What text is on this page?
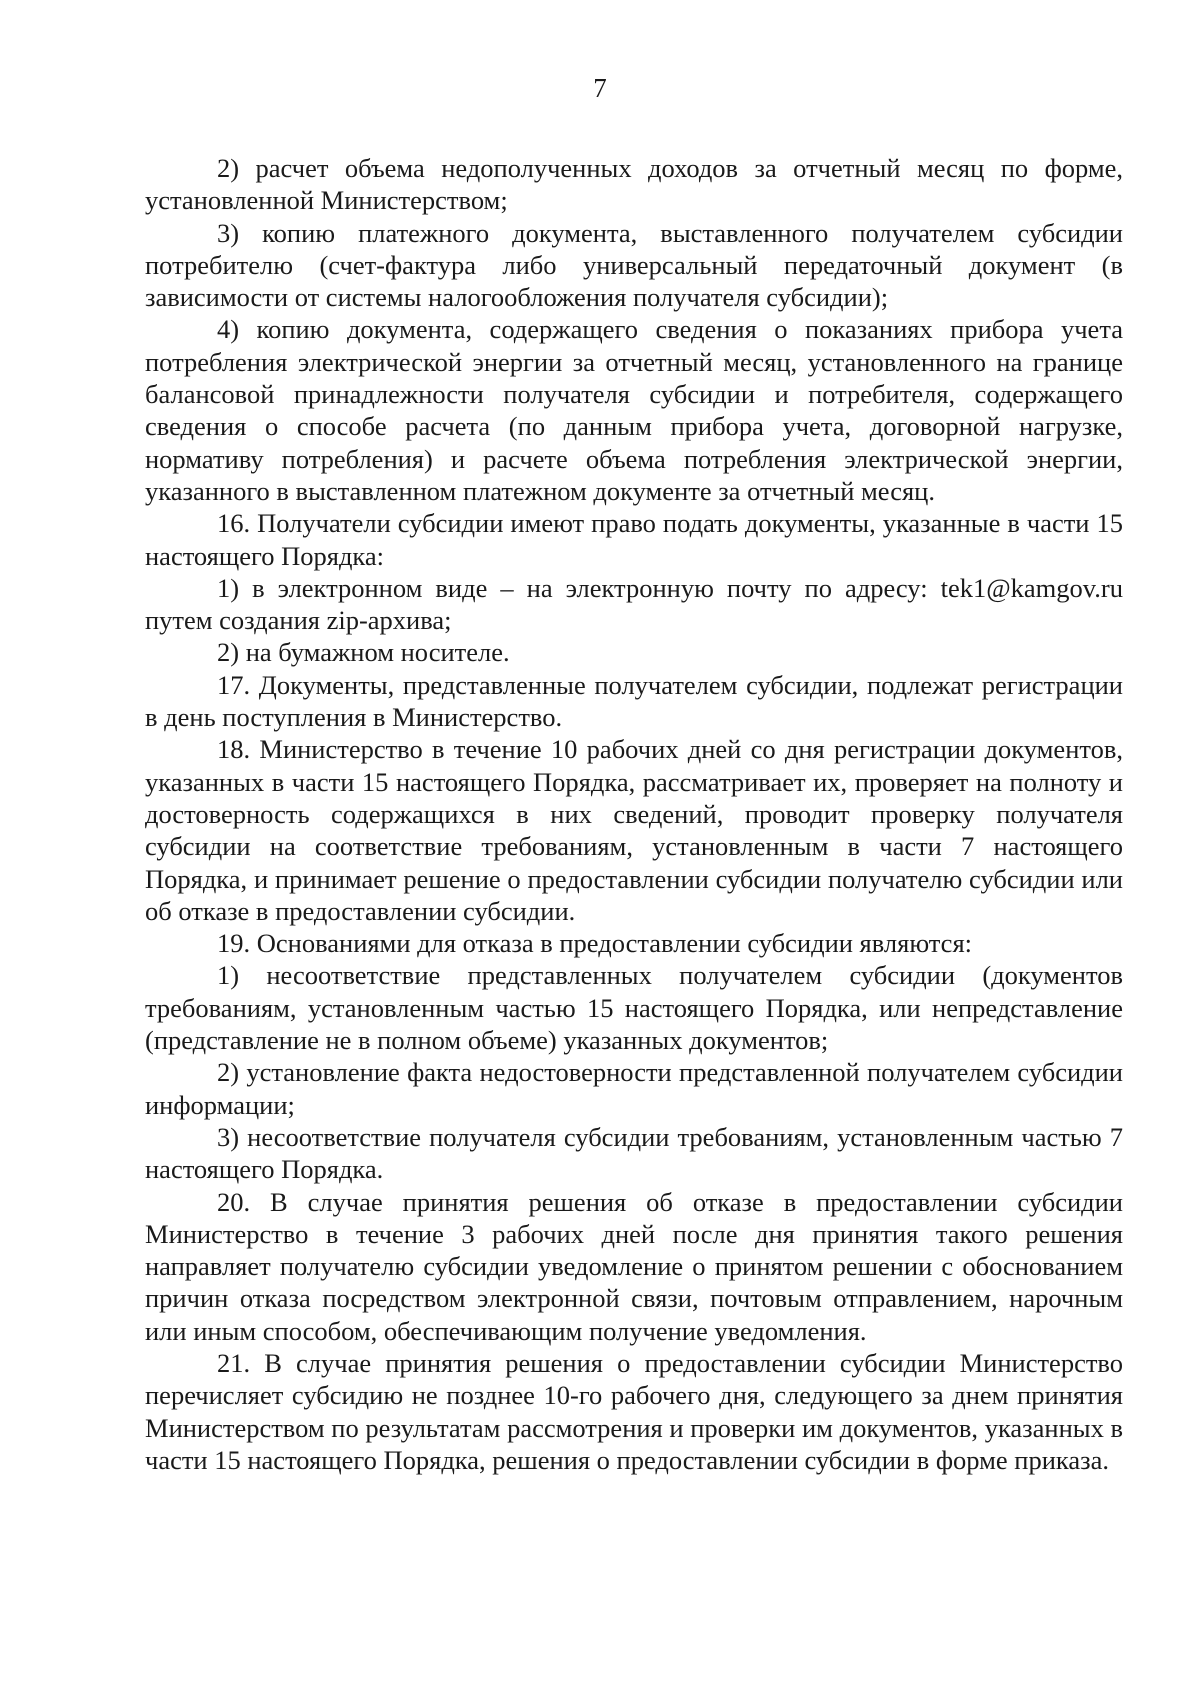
7

2) расчет объема недополученных доходов за отчетный месяц по форме, установленной Министерством;

3) копию платежного документа, выставленного получателем субсидии потребителю (счет-фактура либо универсальный передаточный документ (в зависимости от системы налогообложения получателя субсидии);

4) копию документа, содержащего сведения о показаниях прибора учета потребления электрической энергии за отчетный месяц, установленного на границе балансовой принадлежности получателя субсидии и потребителя, содержащего сведения о способе расчета (по данным прибора учета, договорной нагрузке, нормативу потребления) и расчете объема потребления электрической энергии, указанного в выставленном платежном документе за отчетный месяц.

16. Получатели субсидии имеют право подать документы, указанные в части 15 настоящего Порядка:

1) в электронном виде – на электронную почту по адресу: tek1@kamgov.ru путем создания zip-архива;

2) на бумажном носителе.

17. Документы, представленные получателем субсидии, подлежат регистрации в день поступления в Министерство.

18. Министерство в течение 10 рабочих дней со дня регистрации документов, указанных в части 15 настоящего Порядка, рассматривает их, проверяет на полноту и достоверность содержащихся в них сведений, проводит проверку получателя субсидии на соответствие требованиям, установленным в части 7 настоящего Порядка, и принимает решение о предоставлении субсидии получателю субсидии или об отказе в предоставлении субсидии.

19. Основаниями для отказа в предоставлении субсидии являются:

1) несоответствие представленных получателем субсидии (документов требованиям, установленным частью 15 настоящего Порядка, или непредставление (представление не в полном объеме) указанных документов;

2) установление факта недостоверности представленной получателем субсидии информации;

3) несоответствие получателя субсидии требованиям, установленным частью 7 настоящего Порядка.

20. В случае принятия решения об отказе в предоставлении субсидии Министерство в течение 3 рабочих дней после дня принятия такого решения направляет получателю субсидии уведомление о принятом решении с обоснованием причин отказа посредством электронной связи, почтовым отправлением, нарочным или иным способом, обеспечивающим получение уведомления.

21. В случае принятия решения о предоставлении субсидии Министерство перечисляет субсидию не позднее 10-го рабочего дня, следующего за днем принятия Министерством по результатам рассмотрения и проверки им документов, указанных в части 15 настоящего Порядка, решения о предоставлении субсидии в форме приказа.
